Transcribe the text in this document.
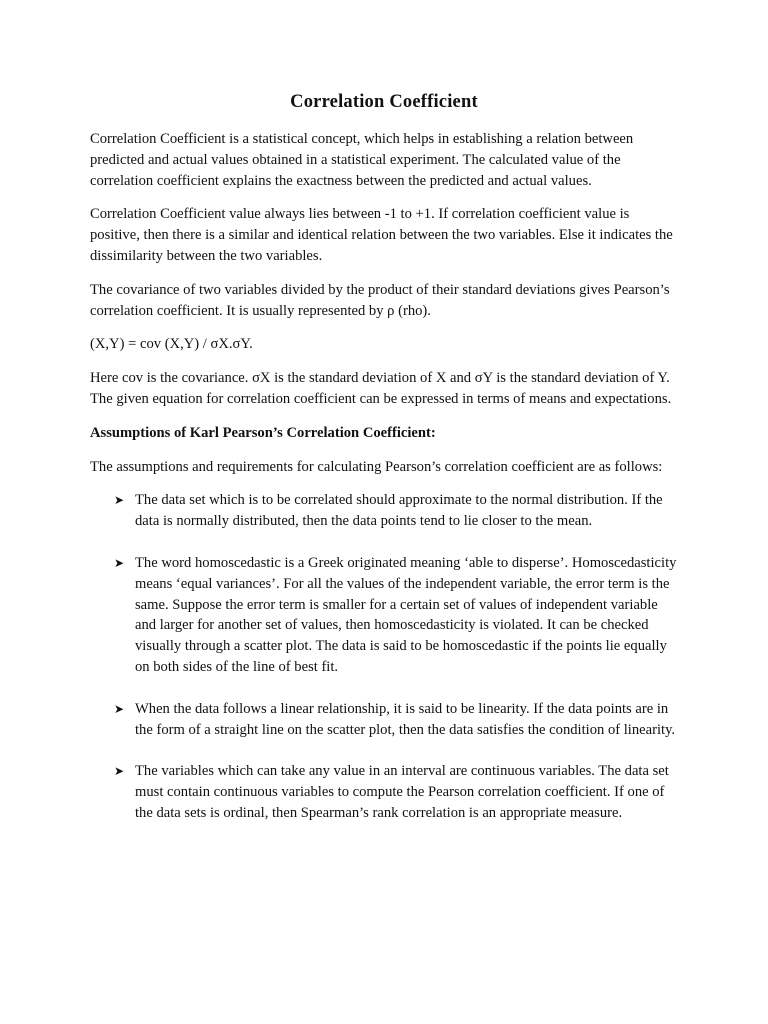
Correlation Coefficient

Correlation Coefficient is a statistical concept, which helps in establishing a relation between predicted and actual values obtained in a statistical experiment. The calculated value of the correlation coefficient explains the exactness between the predicted and actual values.

Correlation Coefficient value always lies between -1 to +1. If correlation coefficient value is positive, then there is a similar and identical relation between the two variables. Else it indicates the dissimilarity between the two variables.

The covariance of two variables divided by the product of their standard deviations gives Pearson’s correlation coefficient. It is usually represented by ρ (rho).

(X,Y) = cov (X,Y) / σX.σY.

Here cov is the covariance. σX is the standard deviation of X and σY is the standard deviation of Y. The given equation for correlation coefficient can be expressed in terms of means and expectations.

Assumptions of Karl Pearson’s Correlation Coefficient:

The assumptions and requirements for calculating Pearson’s correlation coefficient are as follows:

➤ The data set which is to be correlated should approximate to the normal distribution. If the data is normally distributed, then the data points tend to lie closer to the mean.
➤ The word homoscedastic is a Greek originated meaning ‘able to disperse’. Homoscedasticity means ‘equal variances’. For all the values of the independent variable, the error term is the same. Suppose the error term is smaller for a certain set of values of independent variable and larger for another set of values, then homoscedasticity is violated. It can be checked visually through a scatter plot. The data is said to be homoscedastic if the points lie equally on both sides of the line of best fit.
➤ When the data follows a linear relationship, it is said to be linearity. If the data points are in the form of a straight line on the scatter plot, then the data satisfies the condition of linearity.
➤ The variables which can take any value in an interval are continuous variables. The data set must contain continuous variables to compute the Pearson correlation coefficient. If one of the data sets is ordinal, then Spearman’s rank correlation is an appropriate measure.
